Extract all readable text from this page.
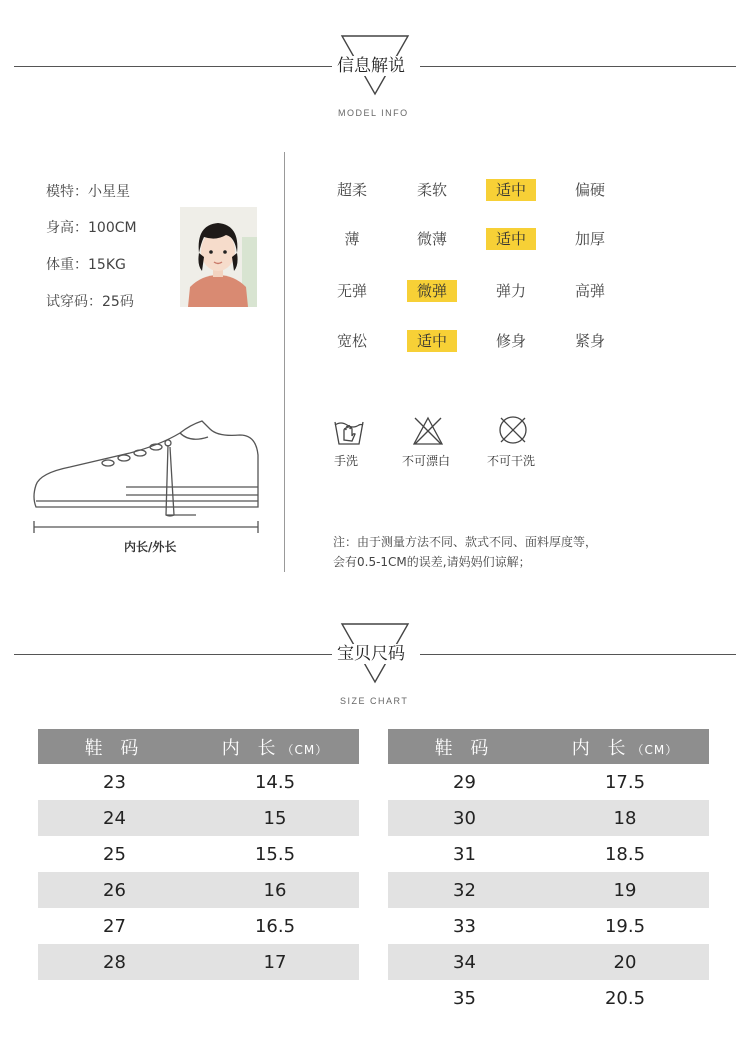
信息解说
MODEL INFO
模特：小星星
身高：100CM
体重：15KG
试穿码：25码
内长/外长
超柔	柔软	适中	偏硬
薄	微薄	适中	加厚
无弹	微弹	弹力	高弹
宽松	适中	修身	紧身
手洗	不可漂白	不可干洗
注：由于测量方法不同、款式不同、面料厚度等，
会有0.5-1CM的误差,请妈妈们谅解；
宝贝尺码
SIZE CHART
鞋 码	内 长（CM）
23	14.5
24	15
25	15.5
26	16
27	16.5
28	17
鞋 码	内 长（CM）
29	17.5
30	18
31	18.5
32	19
33	19.5
34	20
35	20.5
